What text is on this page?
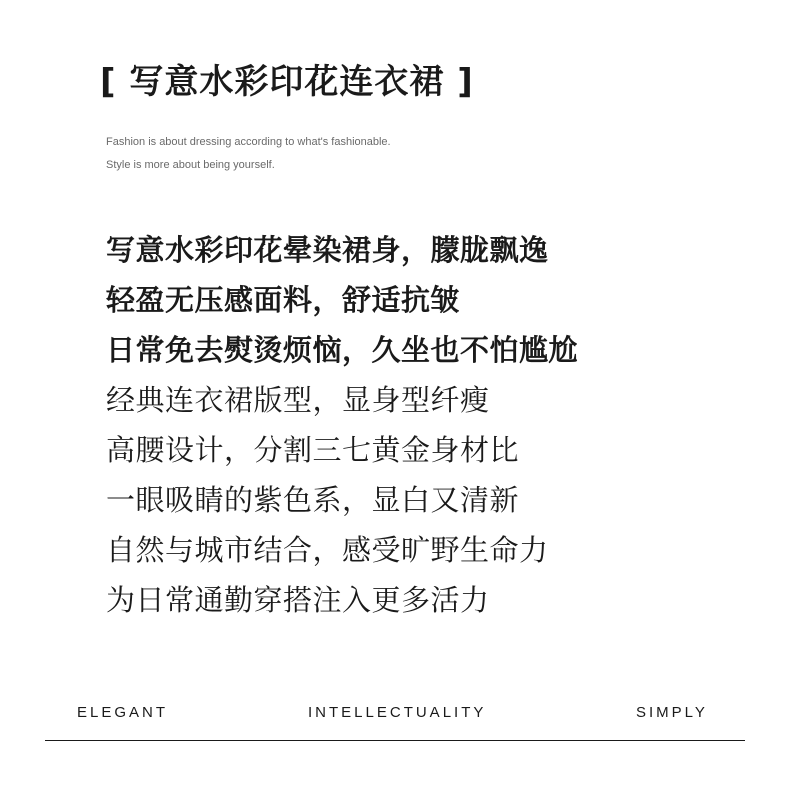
[ 写意水彩印花连衣裙 ]
Fashion is about dressing according to what's fashionable.
Style is more about being yourself.
写意水彩印花晕染裙身，朦胧飘逸
轻盈无压感面料，舒适抗皱
日常免去熨烫烦恼，久坐也不怕尴尬
经典连衣裙版型，显身型纤瘦
高腰设计，分割三七黄金身材比
一眼吸睛的紫色系，显白又清新
自然与城市结合，感受旷野生命力
为日常通勤穿搭注入更多活力
ELEGANT	INTELLECTUALITY	SIMPLY
